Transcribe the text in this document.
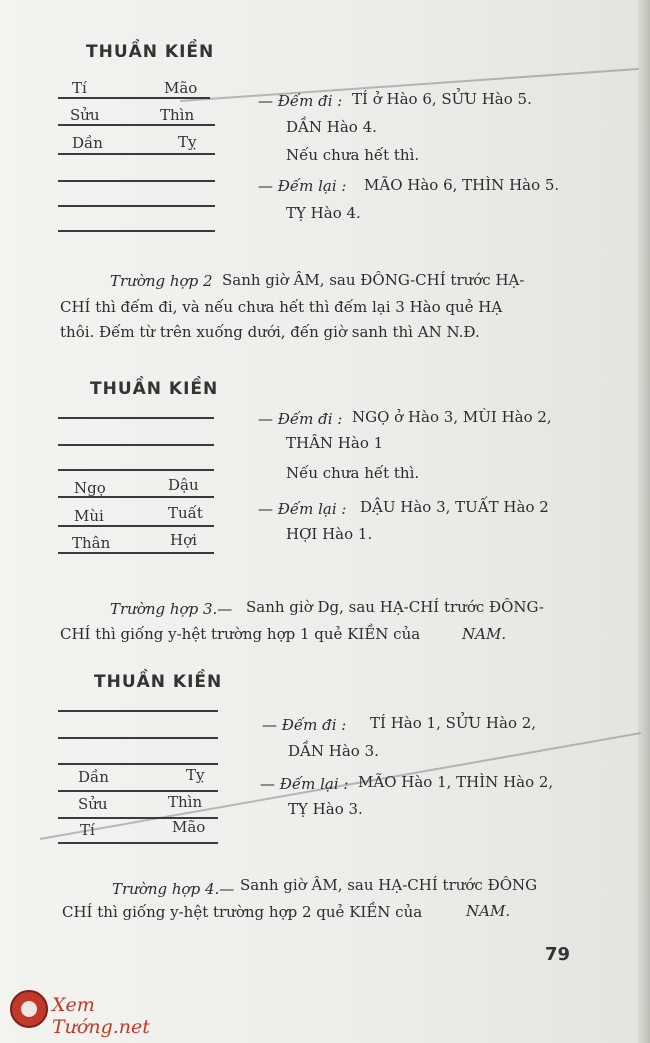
THUẦN KIỀN
Tí	Mão
Sửu	Thìn
Dần	Tỵ
— Đếm đi : TÍ ở Hào 6, SỬU Hào 5.
DẦN Hào 4.
Nếu chưa hết thì.
— Đếm lại : MÃO Hào 6, THÌN Hào 5.
TỴ Hào 4.
Trường hợp 2 Sanh giờ ÂM, sau ĐÔNG-CHÍ trước HẠ-
CHÍ thì đếm đi, và nếu chưa hết thì đếm lại 3 Hào quẻ HẠ
thôi. Đếm từ trên xuống dưới, đến giờ sanh thì AN N.Đ.
THUẦN KIỀN
Ngọ	Dậu
Mùi	Tuất
Thân	Hợi
— Đếm đi : NGỌ ở Hào 3, MÙI Hào 2,
THÂN Hào 1
Nếu chưa hết thì.
— Đếm lại : DẬU Hào 3, TUẤT Hào 2
HỢI Hào 1.
Trường hợp 3.— Sanh giờ Dg, sau HẠ-CHÍ trước ĐÔNG-
CHÍ thì giống y-hệt trường hợp 1 quẻ KIỀN của	NAM.
THUẦN KIỀN
Dần	Tỵ
Sửu	Thìn
Tí	Mão
— Đếm đi : TÍ Hào 1, SỬU Hào 2,
DẦN Hào 3.
— Đếm lại : MÃO Hào 1, THÌN Hào 2,
TỴ Hào 3.
Trường hợp 4.— Sanh giờ ÂM, sau HẠ-CHÍ trước ĐÔNG
CHÍ thì giống y-hệt trường hợp 2 quẻ KIỀN của	NAM.
79
Xem Tướng.net
